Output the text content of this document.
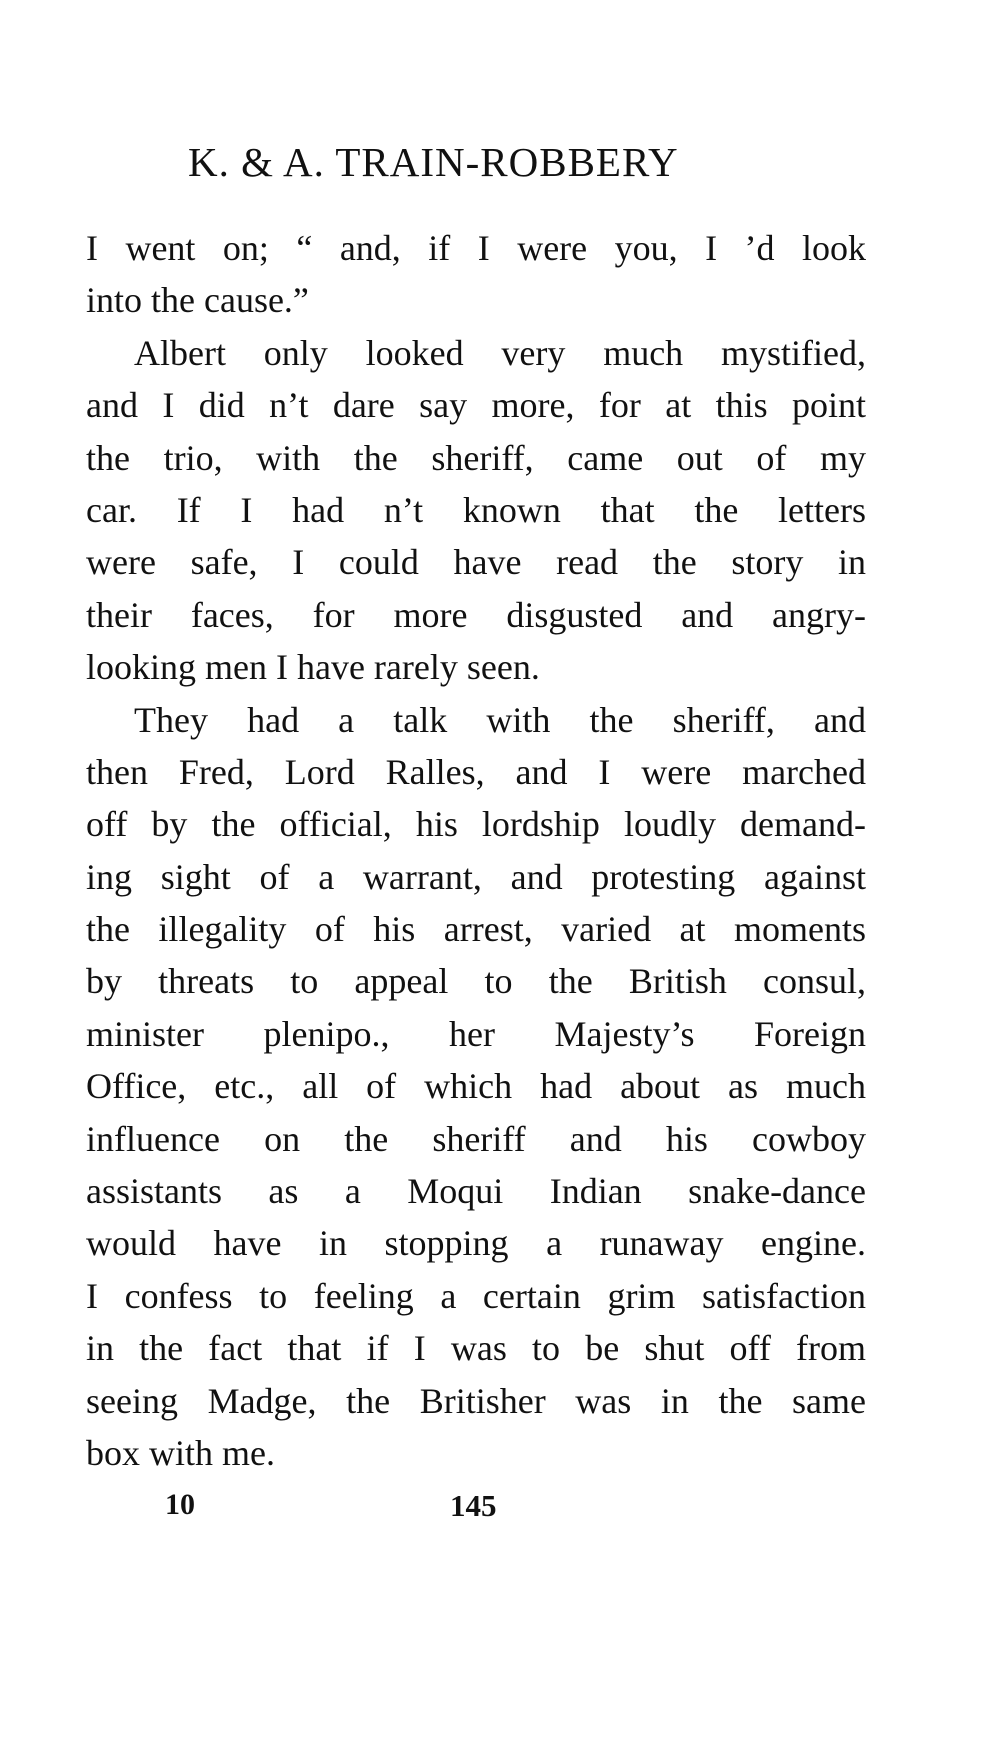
K. & A. TRAIN-ROBBERY
I went on; “ and, if I were you, I ’d look
into the cause.”
Albert only looked very much mystified,
and I did n’t dare say more, for at this point
the trio, with the sheriff, came out of my
car. If I had n’t known that the letters
were safe, I could have read the story in
their faces, for more disgusted and angry-
looking men I have rarely seen.
They had a talk with the sheriff, and
then Fred, Lord Ralles, and I were marched
off by the official, his lordship loudly demand-
ing sight of a warrant, and protesting against
the illegality of his arrest, varied at moments
by threats to appeal to the British consul,
minister plenipo., her Majesty’s Foreign
Office, etc., all of which had about as much
influence on the sheriff and his cowboy
assistants as a Moqui Indian snake-dance
would have in stopping a runaway engine.
I confess to feeling a certain grim satisfaction
in the fact that if I was to be shut off from
seeing Madge, the Britisher was in the same
box with me.
10	145
